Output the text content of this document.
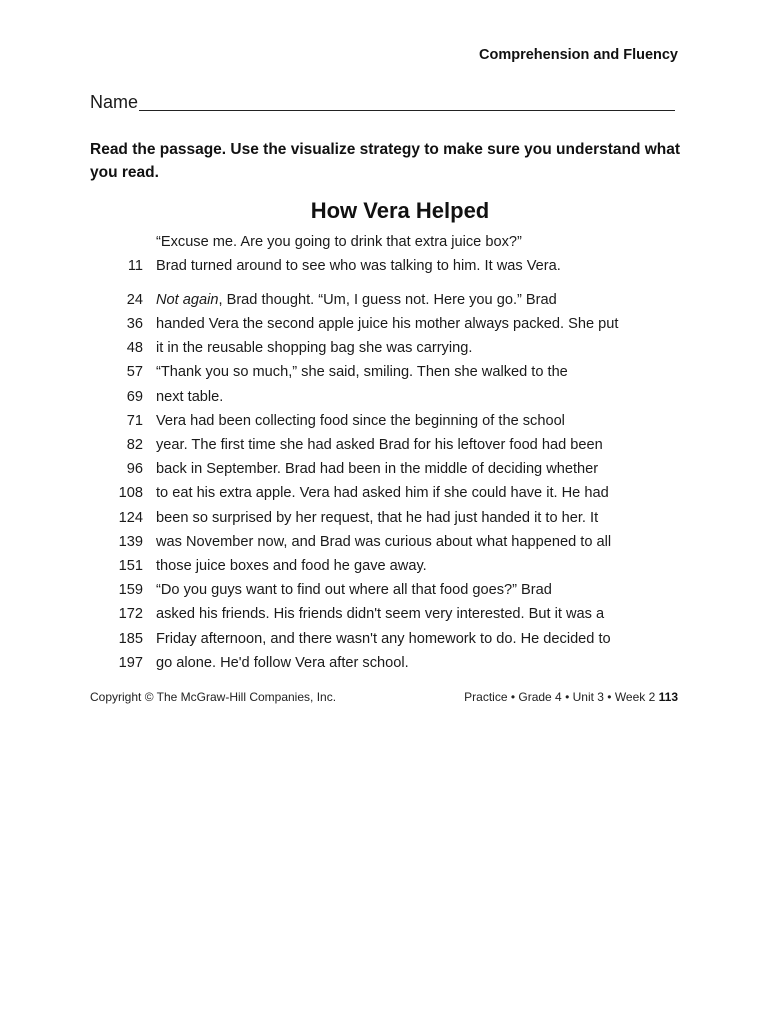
Comprehension and Fluency
Name
Read the passage. Use the visualize strategy to make sure you understand what you read.
How Vera Helped
“Excuse me. Are you going to drink that extra juice box?”
11 Brad turned around to see who was talking to him. It was Vera.
24 Not again, Brad thought. “Um, I guess not. Here you go.” Brad
36 handed Vera the second apple juice his mother always packed. She put
48 it in the reusable shopping bag she was carrying.
57 “Thank you so much,” she said, smiling. Then she walked to the
69 next table.
71 Vera had been collecting food since the beginning of the school
82 year. The first time she had asked Brad for his leftover food had been
96 back in September. Brad had been in the middle of deciding whether
108 to eat his extra apple. Vera had asked him if she could have it. He had
124 been so surprised by her request, that he had just handed it to her. It
139 was November now, and Brad was curious about what happened to all
151 those juice boxes and food he gave away.
159 “Do you guys want to find out where all that food goes?” Brad
172 asked his friends. His friends didn't seem very interested. But it was a
185 Friday afternoon, and there wasn't any homework to do. He decided to
197 go alone. He'd follow Vera after school.
Copyright © The McGraw-Hill Companies, Inc.	Practice • Grade 4 • Unit 3 • Week 2 113
